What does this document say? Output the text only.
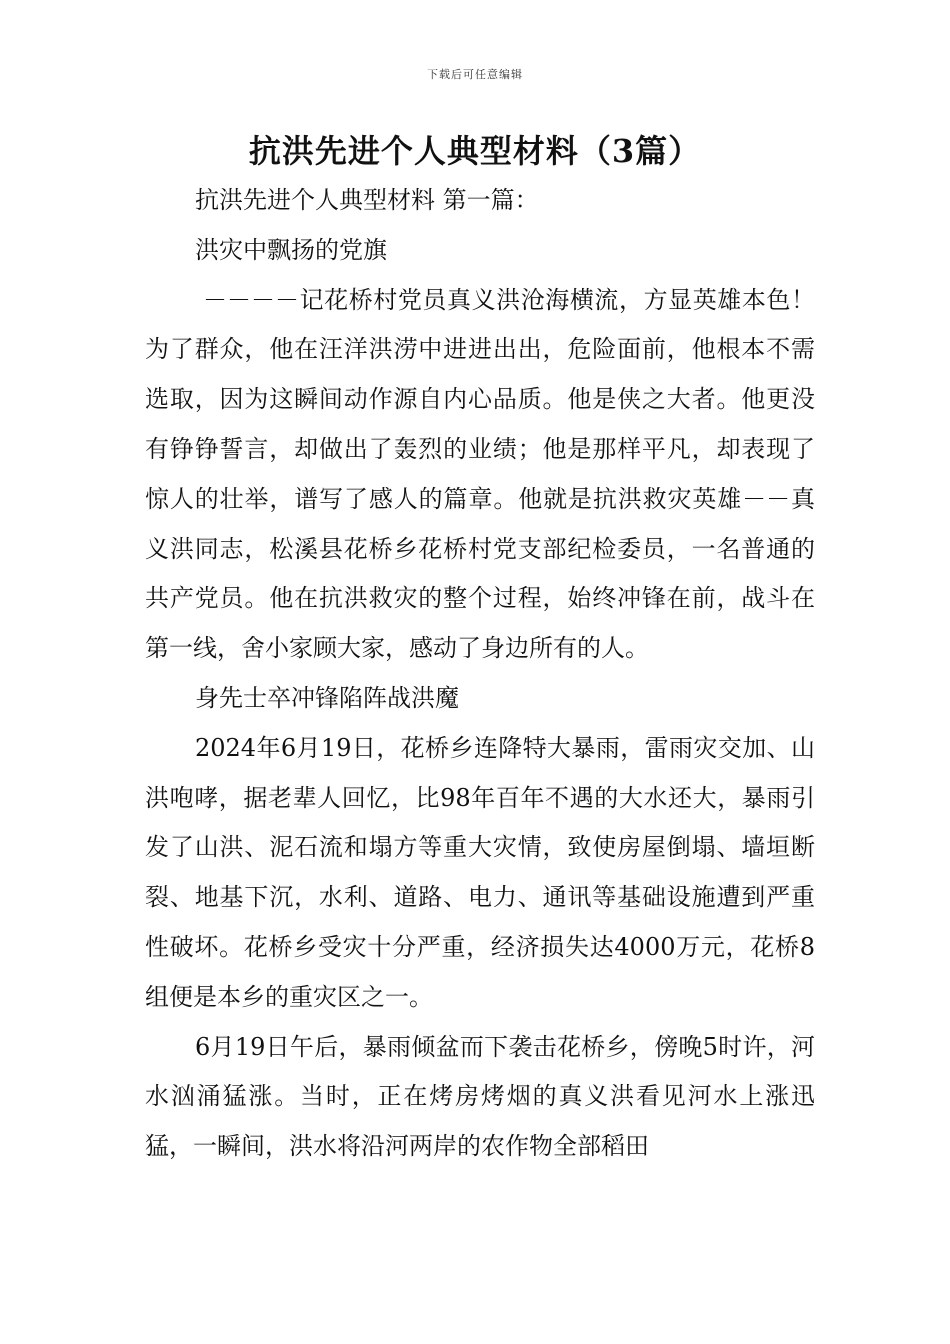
下载后可任意编辑
抗洪先进个人典型材料（3篇）

抗洪先进个人典型材料 第一篇：

洪灾中飘扬的党旗

－－－－记花桥村党员真义洪沧海横流，方显英雄本色！为了群众，他在汪洋洪涝中进进出出，危险面前，他根本不需选取，因为这瞬间动作源自内心品质。他是侠之大者。他更没有铮铮誓言，却做出了轰烈的业绩；他是那样平凡，却表现了惊人的壮举，谱写了感人的篇章。他就是抗洪救灾英雄－－真义洪同志，松溪县花桥乡花桥村党支部纪检委员，一名普通的共产党员。他在抗洪救灾的整个过程，始终冲锋在前，战斗在第一线，舍小家顾大家，感动了身边所有的人。

身先士卒冲锋陷阵战洪魔

2024年6月19日，花桥乡连降特大暴雨，雷雨灾交加、山洪咆哮，据老辈人回忆，比98年百年不遇的大水还大，暴雨引发了山洪、泥石流和塌方等重大灾情，致使房屋倒塌、墙垣断裂、地基下沉，水利、道路、电力、通讯等基础设施遭到严重性破坏。花桥乡受灾十分严重，经济损失达4000万元，花桥8组便是本乡的重灾区之一。

6月19日午后，暴雨倾盆而下袭击花桥乡，傍晚5时许，河水汹涌猛涨。当时，正在烤房烤烟的真义洪看见河水上涨迅猛，一瞬间，洪水将沿河两岸的农作物全部稻田
